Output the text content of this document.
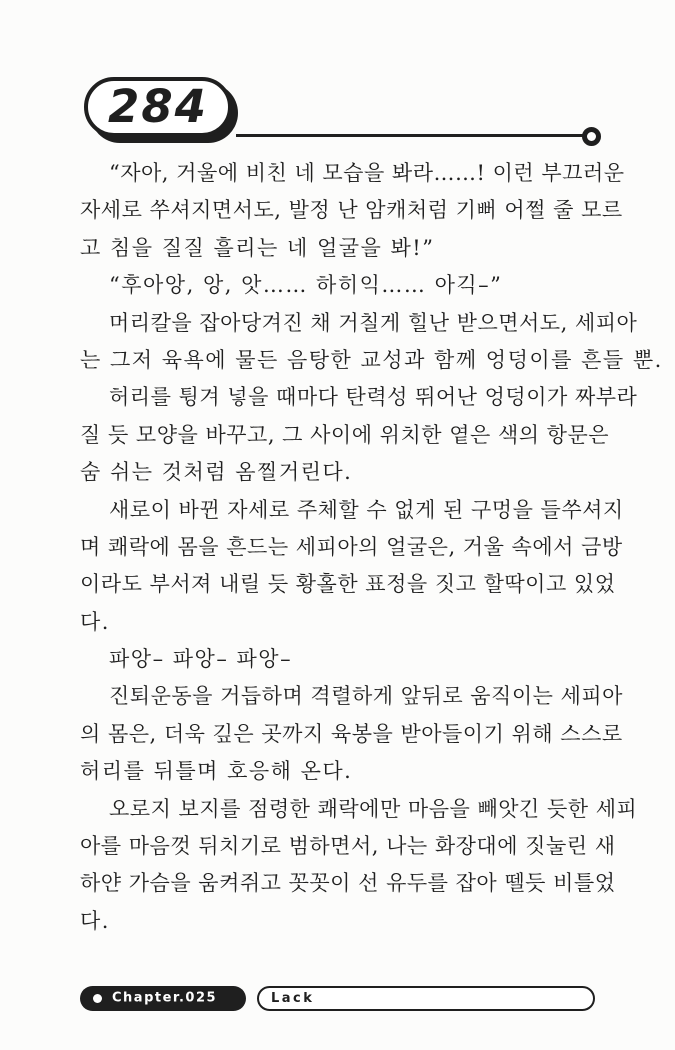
284
“자아, 거울에 비친 네 모습을 봐라……! 이런 부끄러운
자세로 쑤셔지면서도, 발정 난 암캐처럼 기뻐 어쩔 줄 모르
고 침을 질질 흘리는 네 얼굴을 봐!”
“후아앙, 앙, 앗…… 하히익…… 아긱–”
머리칼을 잡아당겨진 채 거칠게 힐난 받으면서도, 세피아
는 그저 육욕에 물든 음탕한 교성과 함께 엉덩이를 흔들 뿐.
허리를 튕겨 넣을 때마다 탄력성 뛰어난 엉덩이가 짜부라
질 듯 모양을 바꾸고, 그 사이에 위치한 옅은 색의 항문은
숨 쉬는 것처럼 옴찔거린다.
새로이 바뀐 자세로 주체할 수 없게 된 구멍을 들쑤셔지
며 쾌락에 몸을 흔드는 세피아의 얼굴은, 거울 속에서 금방
이라도 부서져 내릴 듯 황홀한 표정을 짓고 할딱이고 있었
다.
파앙– 파앙– 파앙–
진퇴운동을 거듭하며 격렬하게 앞뒤로 움직이는 세피아
의 몸은, 더욱 깊은 곳까지 육봉을 받아들이기 위해 스스로
허리를 뒤틀며 호응해 온다.
오로지 보지를 점령한 쾌락에만 마음을 빼앗긴 듯한 세피
아를 마음껏 뒤치기로 범하면서, 나는 화장대에 짓눌린 새
하얀 가슴을 움켜쥐고 꼿꼿이 선 유두를 잡아 뗄듯 비틀었
다.
Chapter.025	Lack
